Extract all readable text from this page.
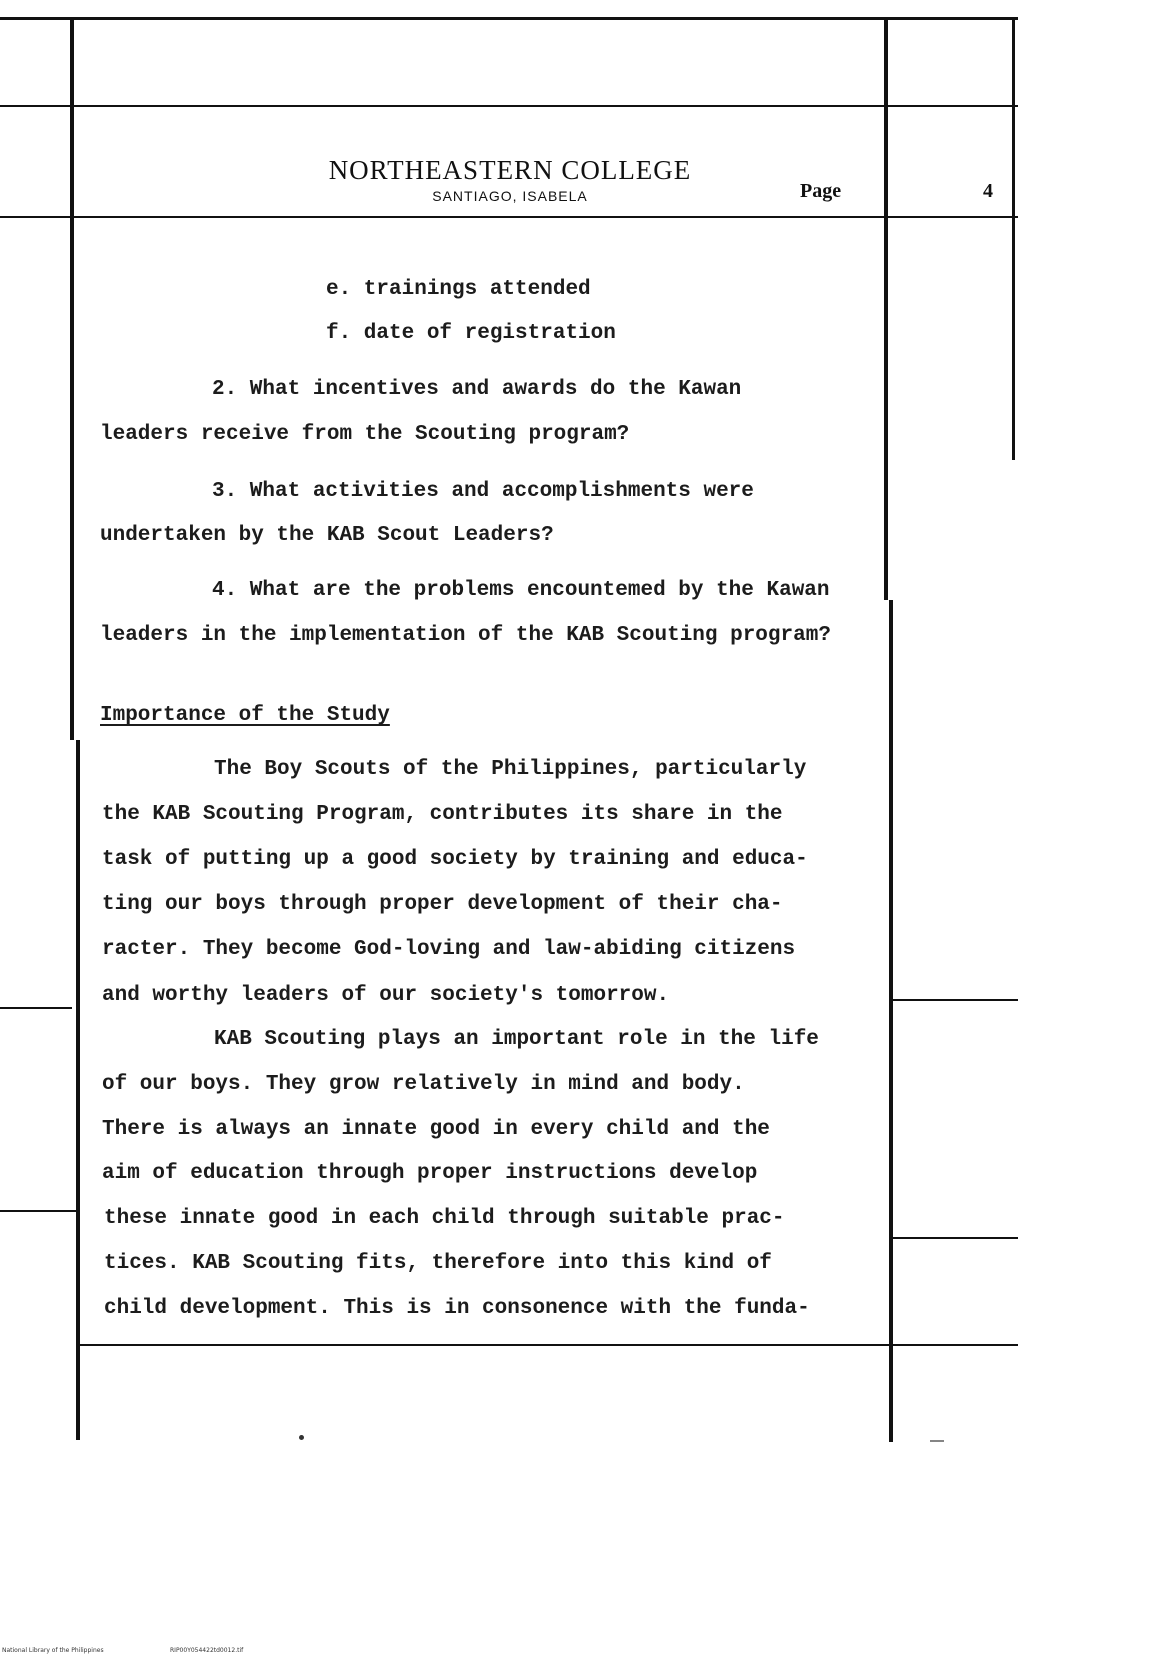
NORTHEASTERN COLLEGE
SANTIAGO, ISABELA	Page	4
e. trainings attended
f. date of registration
2. What incentives and awards do the Kawan
leaders receive from the Scouting program?
3. What activities and accomplishments were
undertaken by the KAB Scout Leaders?
4. What are the problems encountemed by the Kawan
leaders in the implementation of the KAB Scouting program?
Importance of the Study
The Boy Scouts of the Philippines, particularly
the KAB Scouting Program, contributes its share in the
task of putting up a good society by training and educa-
ting our boys through proper development of their cha-
racter. They become God-loving and law-abiding citizens
and worthy leaders of our society's tomorrow.
KAB Scouting plays an important role in the life
of our boys. They grow relatively in mind and body.
There is always an innate good in every child and the
aim of education through proper instructions develop
these innate good in each child through suitable prac-
tices. KAB Scouting fits, therefore into this kind of
child development. This is in consonence with the funda-
National Library of the Philippines	RIP00Y054422td0012.tif
